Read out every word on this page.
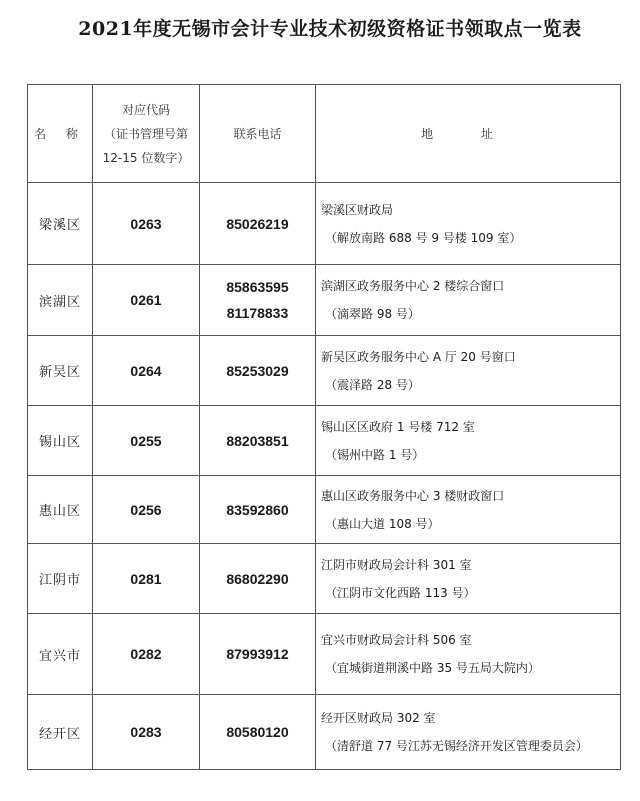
2021年度无锡市会计专业技术初级资格证书领取点一览表
名 称	对应代码
（证书管理号第
12-15 位数字）	联系电话	地 址
梁溪区	0263	85026219	梁溪区财政局
（解放南路 688 号 9 号楼 109 室）

滨湖区	0261	85863595
81178833	滨湖区政务服务中心 2 楼综合窗口
（滴翠路 98 号）

新吴区	0264	85253029	新吴区政务服务中心 A 厅 20 号窗口
（震泽路 28 号）

锡山区	0255	88203851	锡山区区政府 1 号楼 712 室
（锡州中路 1 号）

惠山区	0256	83592860	惠山区政务服务中心 3 楼财政窗口
（惠山大道 108 号）

江阴市	0281	86802290	江阴市财政局会计科 301 室
（江阴市文化西路 113 号）

宜兴市	0282	87993912	宜兴市财政局会计科 506 室
（宜城街道荆溪中路 35 号五局大院内）

经开区	0283	80580120	经开区财政局 302 室
（清舒道 77 号江苏无锡经济开发区管理委员会）
